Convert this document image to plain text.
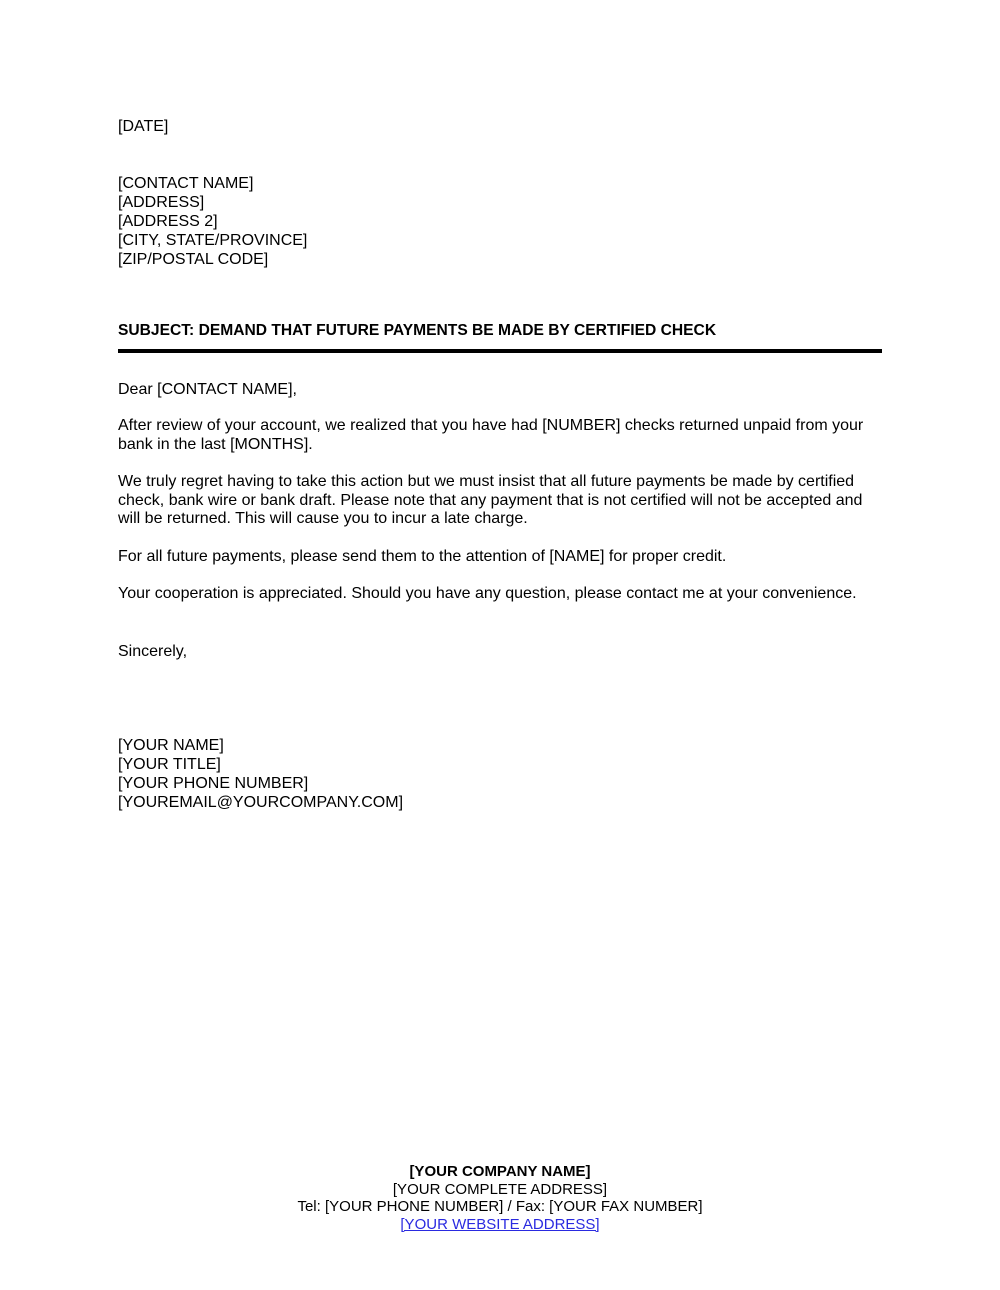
[DATE]
[CONTACT NAME]
[ADDRESS]
[ADDRESS 2]
[CITY, STATE/PROVINCE]
[ZIP/POSTAL CODE]
SUBJECT: DEMAND THAT FUTURE PAYMENTS BE MADE BY CERTIFIED CHECK
Dear [CONTACT NAME],
After review of your account, we realized that you have had [NUMBER] checks returned unpaid from your bank in the last [MONTHS].
We truly regret having to take this action but we must insist that all future payments be made by certified check, bank wire or bank draft. Please note that any payment that is not certified will not be accepted and will be returned. This will cause you to incur a late charge.
For all future payments, please send them to the attention of [NAME] for proper credit.
Your cooperation is appreciated. Should you have any question, please contact me at your convenience.
Sincerely,
[YOUR NAME]
[YOUR TITLE]
[YOUR PHONE NUMBER]
[YOUREMAIL@YOURCOMPANY.COM]
[YOUR COMPANY NAME]
[YOUR COMPLETE ADDRESS]
Tel: [YOUR PHONE NUMBER] / Fax: [YOUR FAX NUMBER]
[YOUR WEBSITE ADDRESS]
